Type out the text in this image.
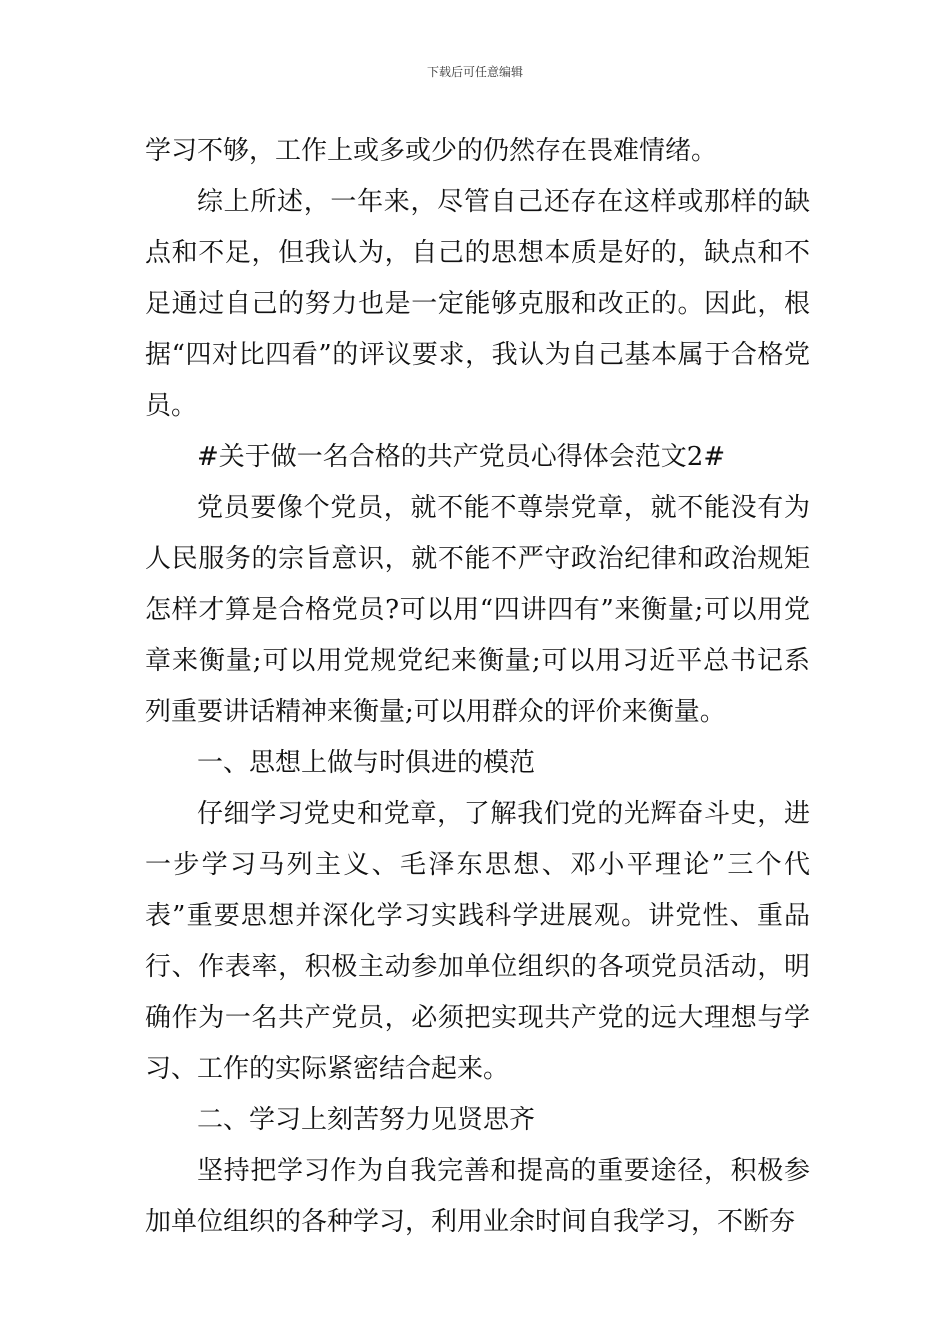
下载后可任意编辑

学习不够，工作上或多或少的仍然存在畏难情绪。

综上所述，一年来，尽管自己还存在这样或那样的缺点和不足，但我认为，自己的思想本质是好的，缺点和不足通过自己的努力也是一定能够克服和改正的。因此，根据“四对比四看”的评议要求，我认为自己基本属于合格党员。

#关于做一名合格的共产党员心得体会范文2#

党员要像个党员，就不能不尊崇党章，就不能没有为人民服务的宗旨意识，就不能不严守政治纪律和政治规矩怎样才算是合格党员?可以用“四讲四有”来衡量;可以用党章来衡量;可以用党规党纪来衡量;可以用习近平总书记系列重要讲话精神来衡量;可以用群众的评价来衡量。

一、思想上做与时俱进的模范

仔细学习党史和党章，了解我们党的光辉奋斗史，进一步学习马列主义、毛泽东思想、邓小平理论”三个代表”重要思想并深化学习实践科学进展观。讲党性、重品行、作表率，积极主动参加单位组织的各项党员活动，明确作为一名共产党员，必须把实现共产党的远大理想与学习、工作的实际紧密结合起来。

二、学习上刻苦努力见贤思齐

坚持把学习作为自我完善和提高的重要途径，积极参加单位组织的各种学习，利用业余时间自我学习，不断夯
